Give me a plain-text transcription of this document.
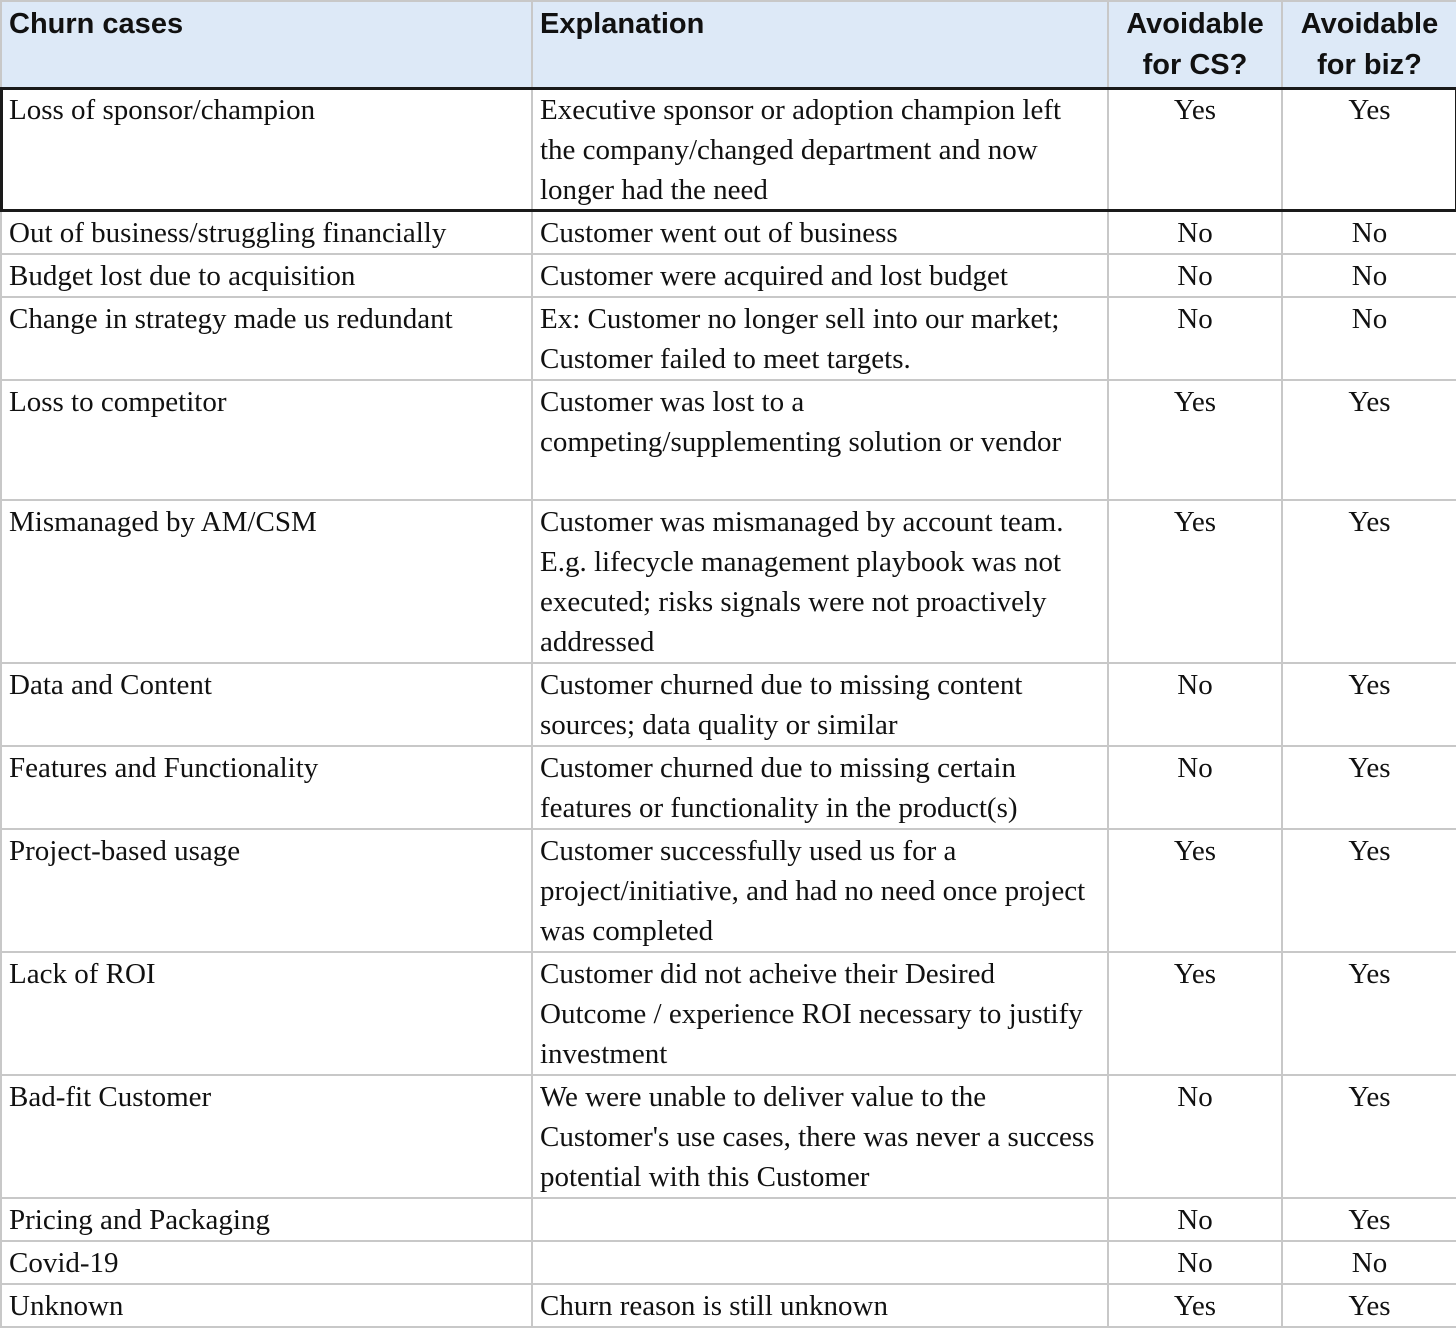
Churn cases	Explanation	Avoidable for CS?	Avoidable for biz?
Loss of sponsor/champion	Executive sponsor or adoption champion left the company/changed department and now longer had the need	Yes	Yes
Out of business/struggling financially	Customer went out of business	No	No
Budget lost due to acquisition	Customer were acquired and lost budget	No	No
Change in strategy made us redundant	Ex: Customer no longer sell into our market; Customer failed to meet targets.	No	No
Loss to competitor	Customer was lost to a competing/supplementing solution or vendor	Yes	Yes
Mismanaged by AM/CSM	Customer was mismanaged by account team. E.g. lifecycle management playbook was not executed; risks signals were not proactively addressed	Yes	Yes
Data and Content	Customer churned due to missing content sources; data quality or similar	No	Yes
Features and Functionality	Customer churned due to missing certain features or functionality in the product(s)	No	Yes
Project-based usage	Customer successfully used us for a project/initiative, and had no need once project was completed	Yes	Yes
Lack of ROI	Customer did not acheive their Desired Outcome / experience ROI necessary to justify investment	Yes	Yes
Bad-fit Customer	We were unable to deliver value to the Customer's use cases, there was never a success potential with this Customer	No	Yes
Pricing and Packaging		No	Yes
Covid-19		No	No
Unknown	Churn reason is still unknown	Yes	Yes
